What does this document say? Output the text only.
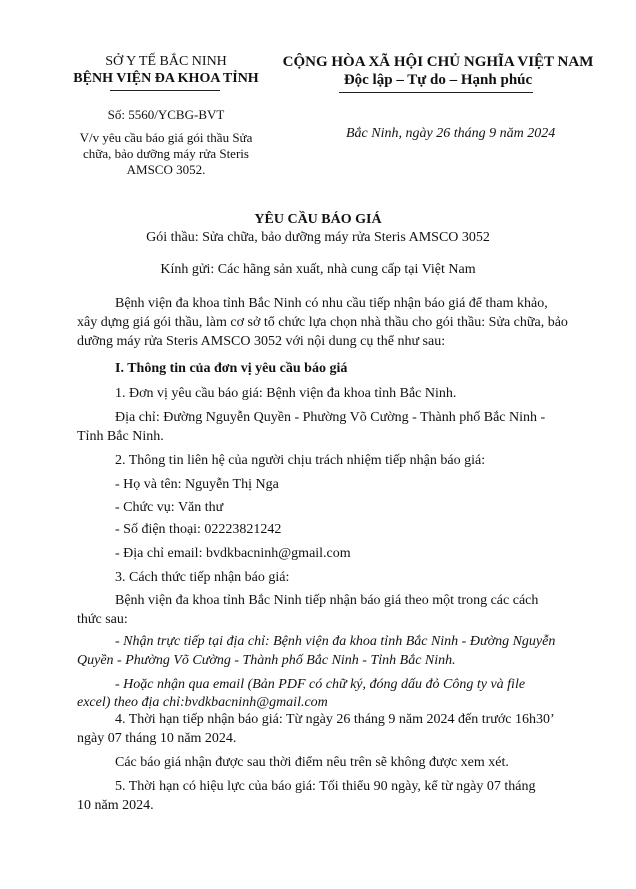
SỞ Y TẾ BẮC NINH
BỆNH VIỆN ĐA KHOA TỈNH
CỘNG HÒA XÃ HỘI CHỦ NGHĨA VIỆT NAM
Độc lập – Tự do – Hạnh phúc
Số: 5560/YCBG-BVT
V/v yêu cầu báo giá gói thầu Sửa
chữa, bảo dưỡng máy rửa Steris
AMSCO 3052.
Bắc Ninh, ngày 26 tháng 9 năm 2024
YÊU CẦU BÁO GIÁ
Gói thầu: Sửa chữa, bảo dưỡng máy rửa Steris AMSCO 3052
Kính gửi: Các hãng sản xuất, nhà cung cấp tại Việt Nam
Bệnh viện đa khoa tỉnh Bắc Ninh có nhu cầu tiếp nhận báo giá để tham khảo,
xây dựng giá gói thầu, làm cơ sở tổ chức lựa chọn nhà thầu cho gói thầu: Sửa chữa, bảo
dưỡng máy rửa Steris AMSCO 3052 với nội dung cụ thể như sau:
I. Thông tin của đơn vị yêu cầu báo giá
1. Đơn vị yêu cầu báo giá: Bệnh viện đa khoa tỉnh Bắc Ninh.
Địa chỉ: Đường Nguyễn Quyền - Phường Võ Cường - Thành phố Bắc Ninh -
Tỉnh Bắc Ninh.
2. Thông tin liên hệ của người chịu trách nhiệm tiếp nhận báo giá:
- Họ và tên: Nguyễn Thị Nga
- Chức vụ: Văn thư
- Số điện thoại: 02223821242
- Địa chỉ email: bvdkbacninh@gmail.com
3. Cách thức tiếp nhận báo giá:
Bệnh viện đa khoa tỉnh Bắc Ninh tiếp nhận báo giá theo một trong các cách
thức sau:
- Nhận trực tiếp tại địa chỉ: Bệnh viện đa khoa tỉnh Bắc Ninh - Đường Nguyễn
Quyền - Phường Võ Cường - Thành phố Bắc Ninh - Tỉnh Bắc Ninh.
- Hoặc nhận qua email (Bản PDF có chữ ký, đóng dấu đỏ Công ty và file
excel) theo địa chỉ:bvdkbacninh@gmail.com
4. Thời hạn tiếp nhận báo giá: Từ ngày 26 tháng 9 năm 2024 đến trước 16h30’
ngày 07 tháng 10 năm 2024.
Các báo giá nhận được sau thời điểm nêu trên sẽ không được xem xét.
5. Thời hạn có hiệu lực của báo giá: Tối thiểu 90 ngày, kể từ ngày 07 tháng
10 năm 2024.
